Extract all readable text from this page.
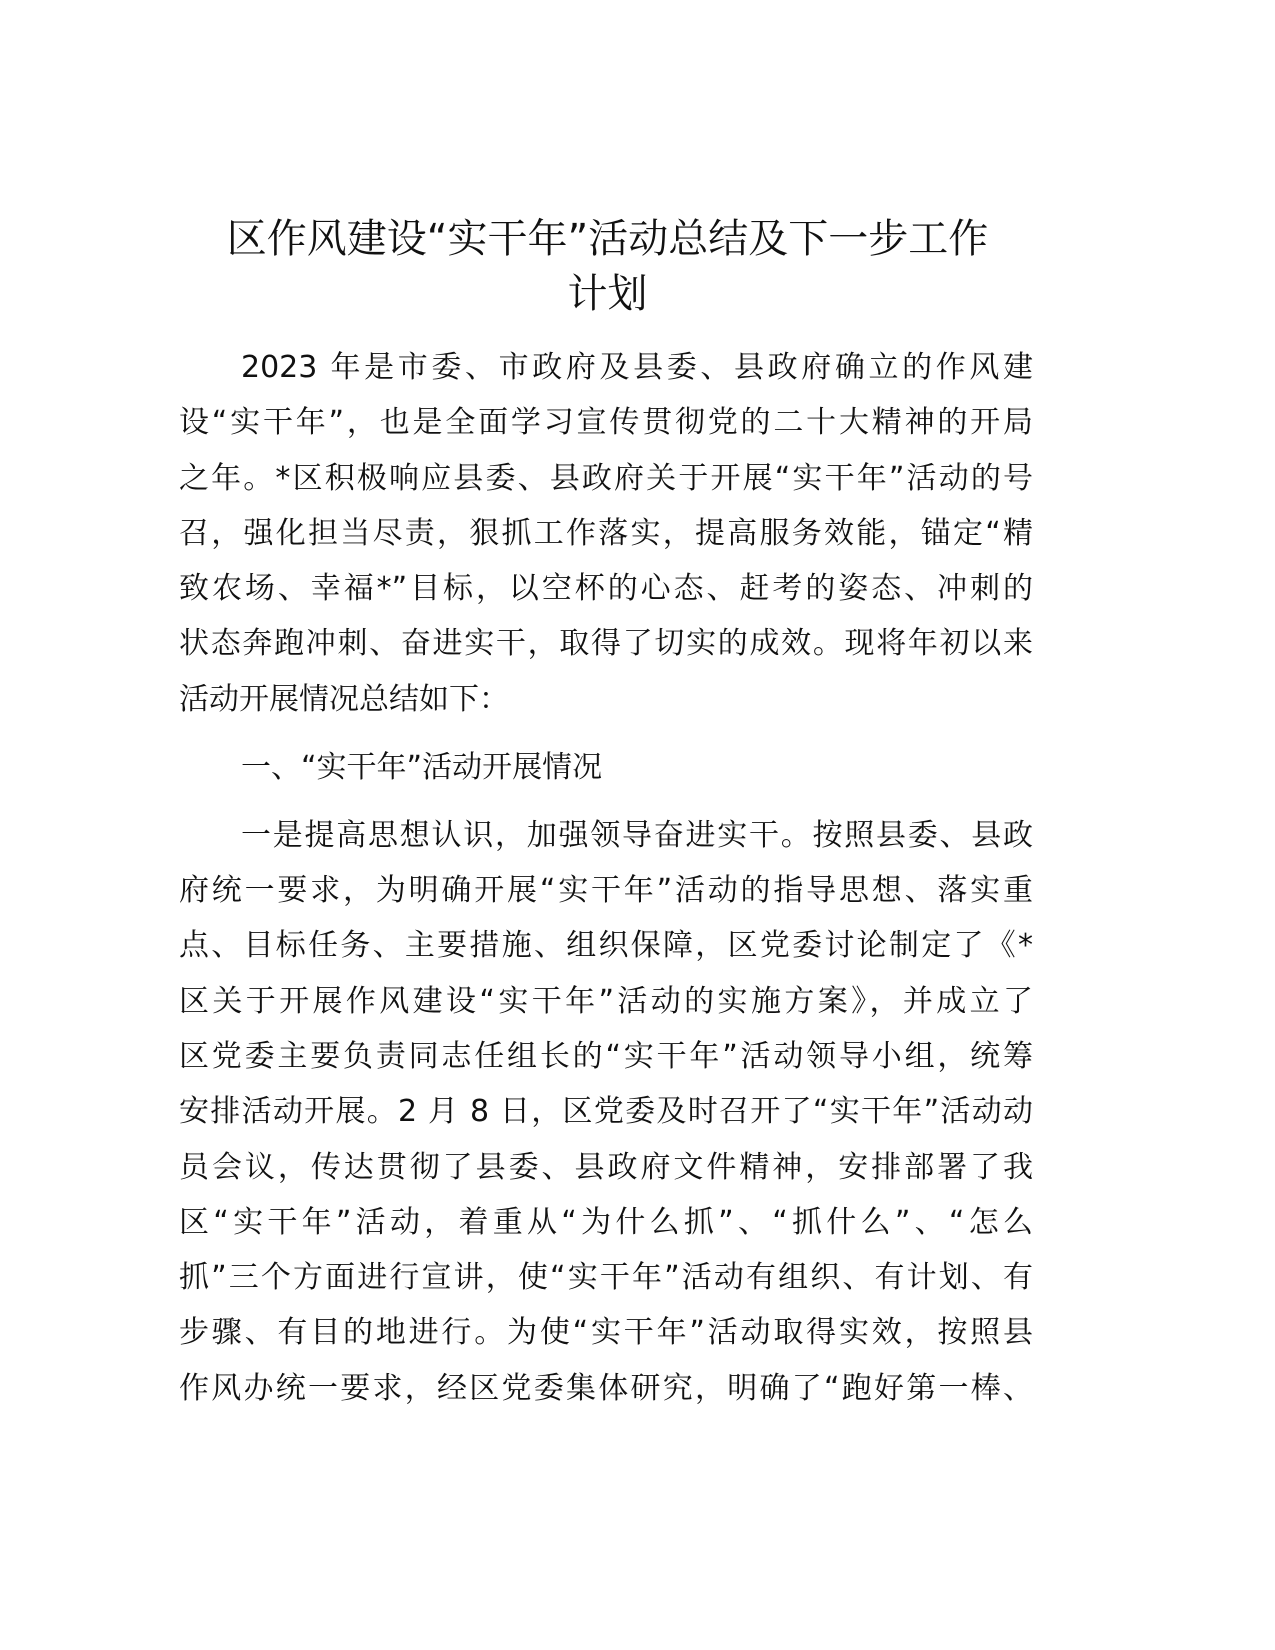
区作风建设“实干年”活动总结及下一步工作
计划
2023 年是市委、市政府及县委、县政府确立的作风建
设“实干年”，也是全面学习宣传贯彻党的二十大精神的开局
之年。*区积极响应县委、县政府关于开展“实干年”活动的号
召，强化担当尽责，狠抓工作落实，提高服务效能，锚定“精
致农场、幸福*”目标，以空杯的心态、赶考的姿态、冲刺的
状态奔跑冲刺、奋进实干，取得了切实的成效。现将年初以来
活动开展情况总结如下：
一、“实干年”活动开展情况
一是提高思想认识，加强领导奋进实干。按照县委、县政
府统一要求，为明确开展“实干年”活动的指导思想、落实重
点、目标任务、主要措施、组织保障，区党委讨论制定了《*
区关于开展作风建设“实干年”活动的实施方案》，并成立了
区党委主要负责同志任组长的“实干年”活动领导小组，统筹
安排活动开展。2 月 8 日，区党委及时召开了“实干年”活动动
员会议，传达贯彻了县委、县政府文件精神，安排部署了我
区“实干年”活动，着重从“为什么抓”、“抓什么”、“怎么
抓”三个方面进行宣讲，使“实干年”活动有组织、有计划、有
步骤、有目的地进行。为使“实干年”活动取得实效，按照县
作风办统一要求，经区党委集体研究，明确了“跑好第一棒、
